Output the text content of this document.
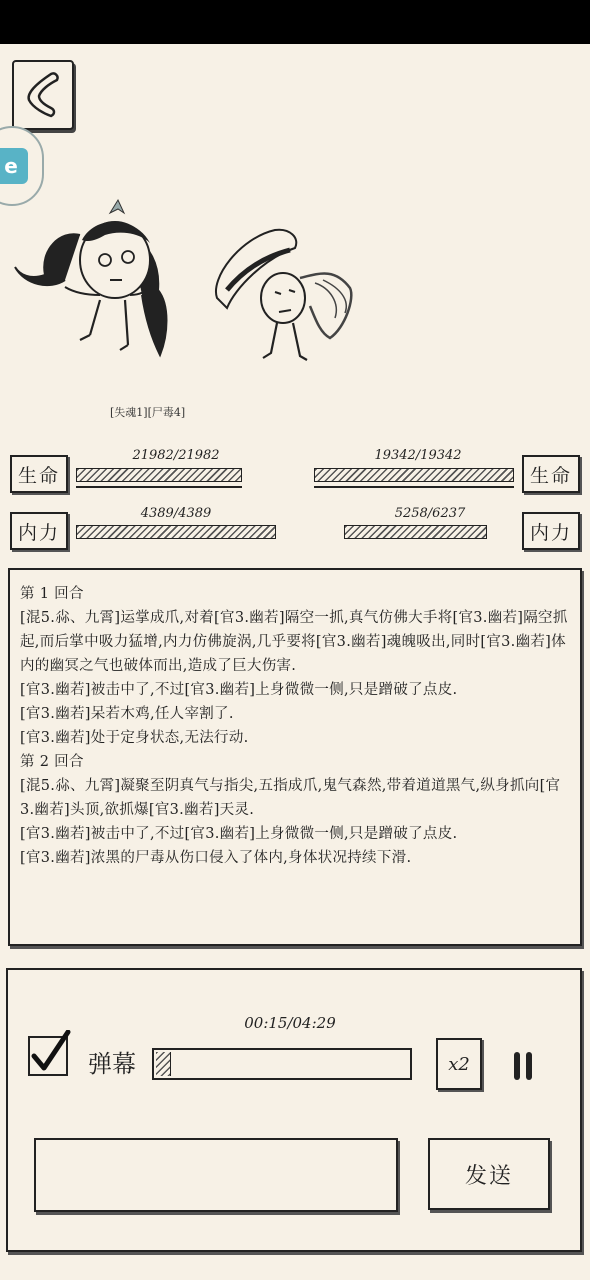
e
[失魂1][尸毒4]
生命
21982/21982	19342/19342
生命
内力
4389/4389	5258/6237
内力
第 1 回合
[混5.尛、九霄]运掌成爪,对着[官3.幽若]隔空一抓,真气仿佛大手将[官3.幽若]隔空抓起,而后掌中吸力猛增,内力仿佛旋涡,几乎要将[官3.幽若]魂魄吸出,同时[官3.幽若]体内的幽冥之气也破体而出,造成了巨大伤害.
[官3.幽若]被击中了,不过[官3.幽若]上身微微一侧,只是蹭破了点皮.
[官3.幽若]呆若木鸡,任人宰割了.
[官3.幽若]处于定身状态,无法行动.
第 2 回合
[混5.尛、九霄]凝聚至阴真气与指尖,五指成爪,鬼气森然,带着道道黑气,纵身抓向[官3.幽若]头顶,欲抓爆[官3.幽若]天灵.
[官3.幽若]被击中了,不过[官3.幽若]上身微微一侧,只是蹭破了点皮.
[官3.幽若]浓黑的尸毒从伤口侵入了体内,身体状况持续下滑.
00:15/04:29
弹幕	x2
发送
